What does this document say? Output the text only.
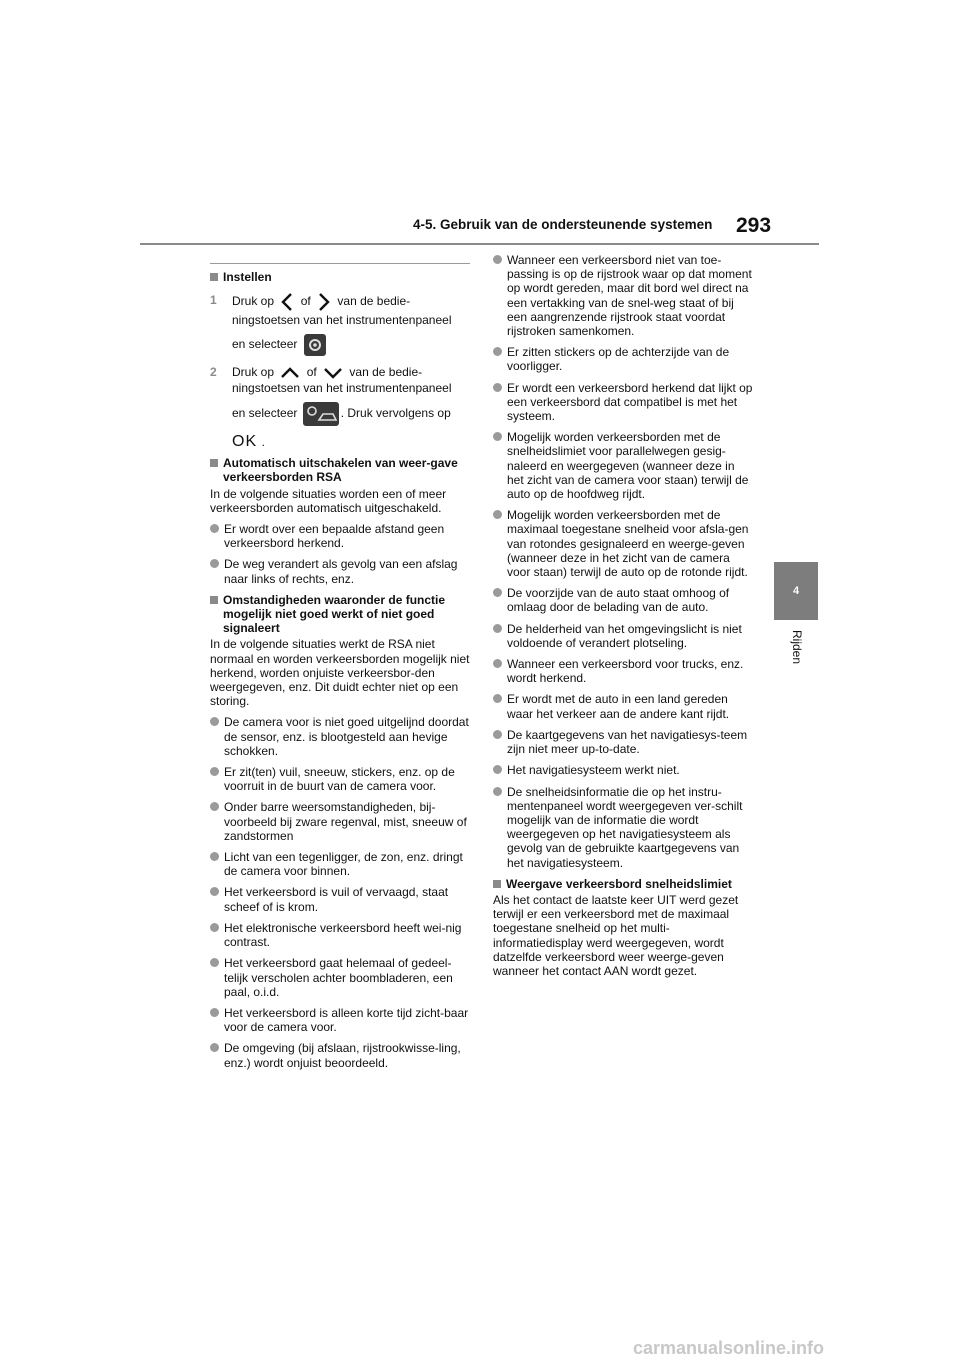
4-5. Gebruik van de ondersteunende systemen 293
4
Rijden
Instellen
1 Druk op of van de bedie-
ningstoetsen van het instrumentenpaneel
en selecteer
2 Druk op	of	van de bedie-
ningstoetsen van het instrumentenpaneel
en selecteer	. Druk vervolgens op
OK .
Automatisch uitschakelen van weer-gave verkeersborden RSA

In de volgende situaties worden een of meer verkeersborden automatisch uitgeschakeld.

Er wordt over een bepaalde afstand geen verkeersbord herkend.
De weg verandert als gevolg van een afslag naar links of rechts, enz.
Omstandigheden waaronder de functie mogelijk niet goed werkt of niet goed signaleert

In de volgende situaties werkt de RSA niet normaal en worden verkeersborden mogelijk niet herkend, worden onjuiste verkeersbor-den weergegeven, enz. Dit duidt echter niet op een storing.

De camera voor is niet goed uitgelijnd doordat de sensor, enz. is blootgesteld aan hevige schokken.
Er zit(ten) vuil, sneeuw, stickers, enz. op de voorruit in de buurt van de camera voor.
Onder barre weersomstandigheden, bij-voorbeeld bij zware regenval, mist, sneeuw of zandstormen
Licht van een tegenligger, de zon, enz. dringt de camera voor binnen.
Het verkeersbord is vuil of vervaagd, staat scheef of is krom.
Het elektronische verkeersbord heeft wei-nig contrast.
Het verkeersbord gaat helemaal of gedeel-telijk verscholen achter boombladeren, een paal, o.i.d.
Het verkeersbord is alleen korte tijd zicht-baar voor de camera voor.
De omgeving (bij afslaan, rijstrookwisse-ling, enz.) wordt onjuist beoordeeld.
Wanneer een verkeersbord niet van toe-passing is op de rijstrook waar op dat moment op wordt gereden, maar dit bord wel direct na een vertakking van de snel-weg staat of bij een aangrenzende rijstrook staat voordat rijstroken samenkomen.
Er zitten stickers op de achterzijde van de voorligger.
Er wordt een verkeersbord herkend dat lijkt op een verkeersbord dat compatibel is met het systeem.
Mogelijk worden verkeersborden met de snelheidslimiet voor parallelwegen gesig-naleerd en weergegeven (wanneer deze in het zicht van de camera voor staan) terwijl de auto op de hoofdweg rijdt.
Mogelijk worden verkeersborden met de maximaal toegestane snelheid voor afsla-gen van rotondes gesignaleerd en weerge-geven (wanneer deze in het zicht van de camera voor staan) terwijl de auto op de rotonde rijdt.
De voorzijde van de auto staat omhoog of omlaag door de belading van de auto.
De helderheid van het omgevingslicht is niet voldoende of verandert plotseling.
Wanneer een verkeersbord voor trucks, enz. wordt herkend.
Er wordt met de auto in een land gereden waar het verkeer aan de andere kant rijdt.
De kaartgegevens van het navigatiesys-teem zijn niet meer up-to-date.
Het navigatiesysteem werkt niet.
De snelheidsinformatie die op het instru-mentenpaneel wordt weergegeven ver-schilt mogelijk van de informatie die wordt weergegeven op het navigatiesysteem als gevolg van de gebruikte kaartgegevens van het navigatiesysteem.
Weergave verkeersbord snelheidslimiet

Als het contact de laatste keer UIT werd gezet terwijl er een verkeersbord met de maximaal toegestane snelheid op het multi-informatiedisplay werd weergegeven, wordt datzelfde verkeersbord weer weerge-geven wanneer het contact AAN wordt gezet.

carmanualsonline.info
